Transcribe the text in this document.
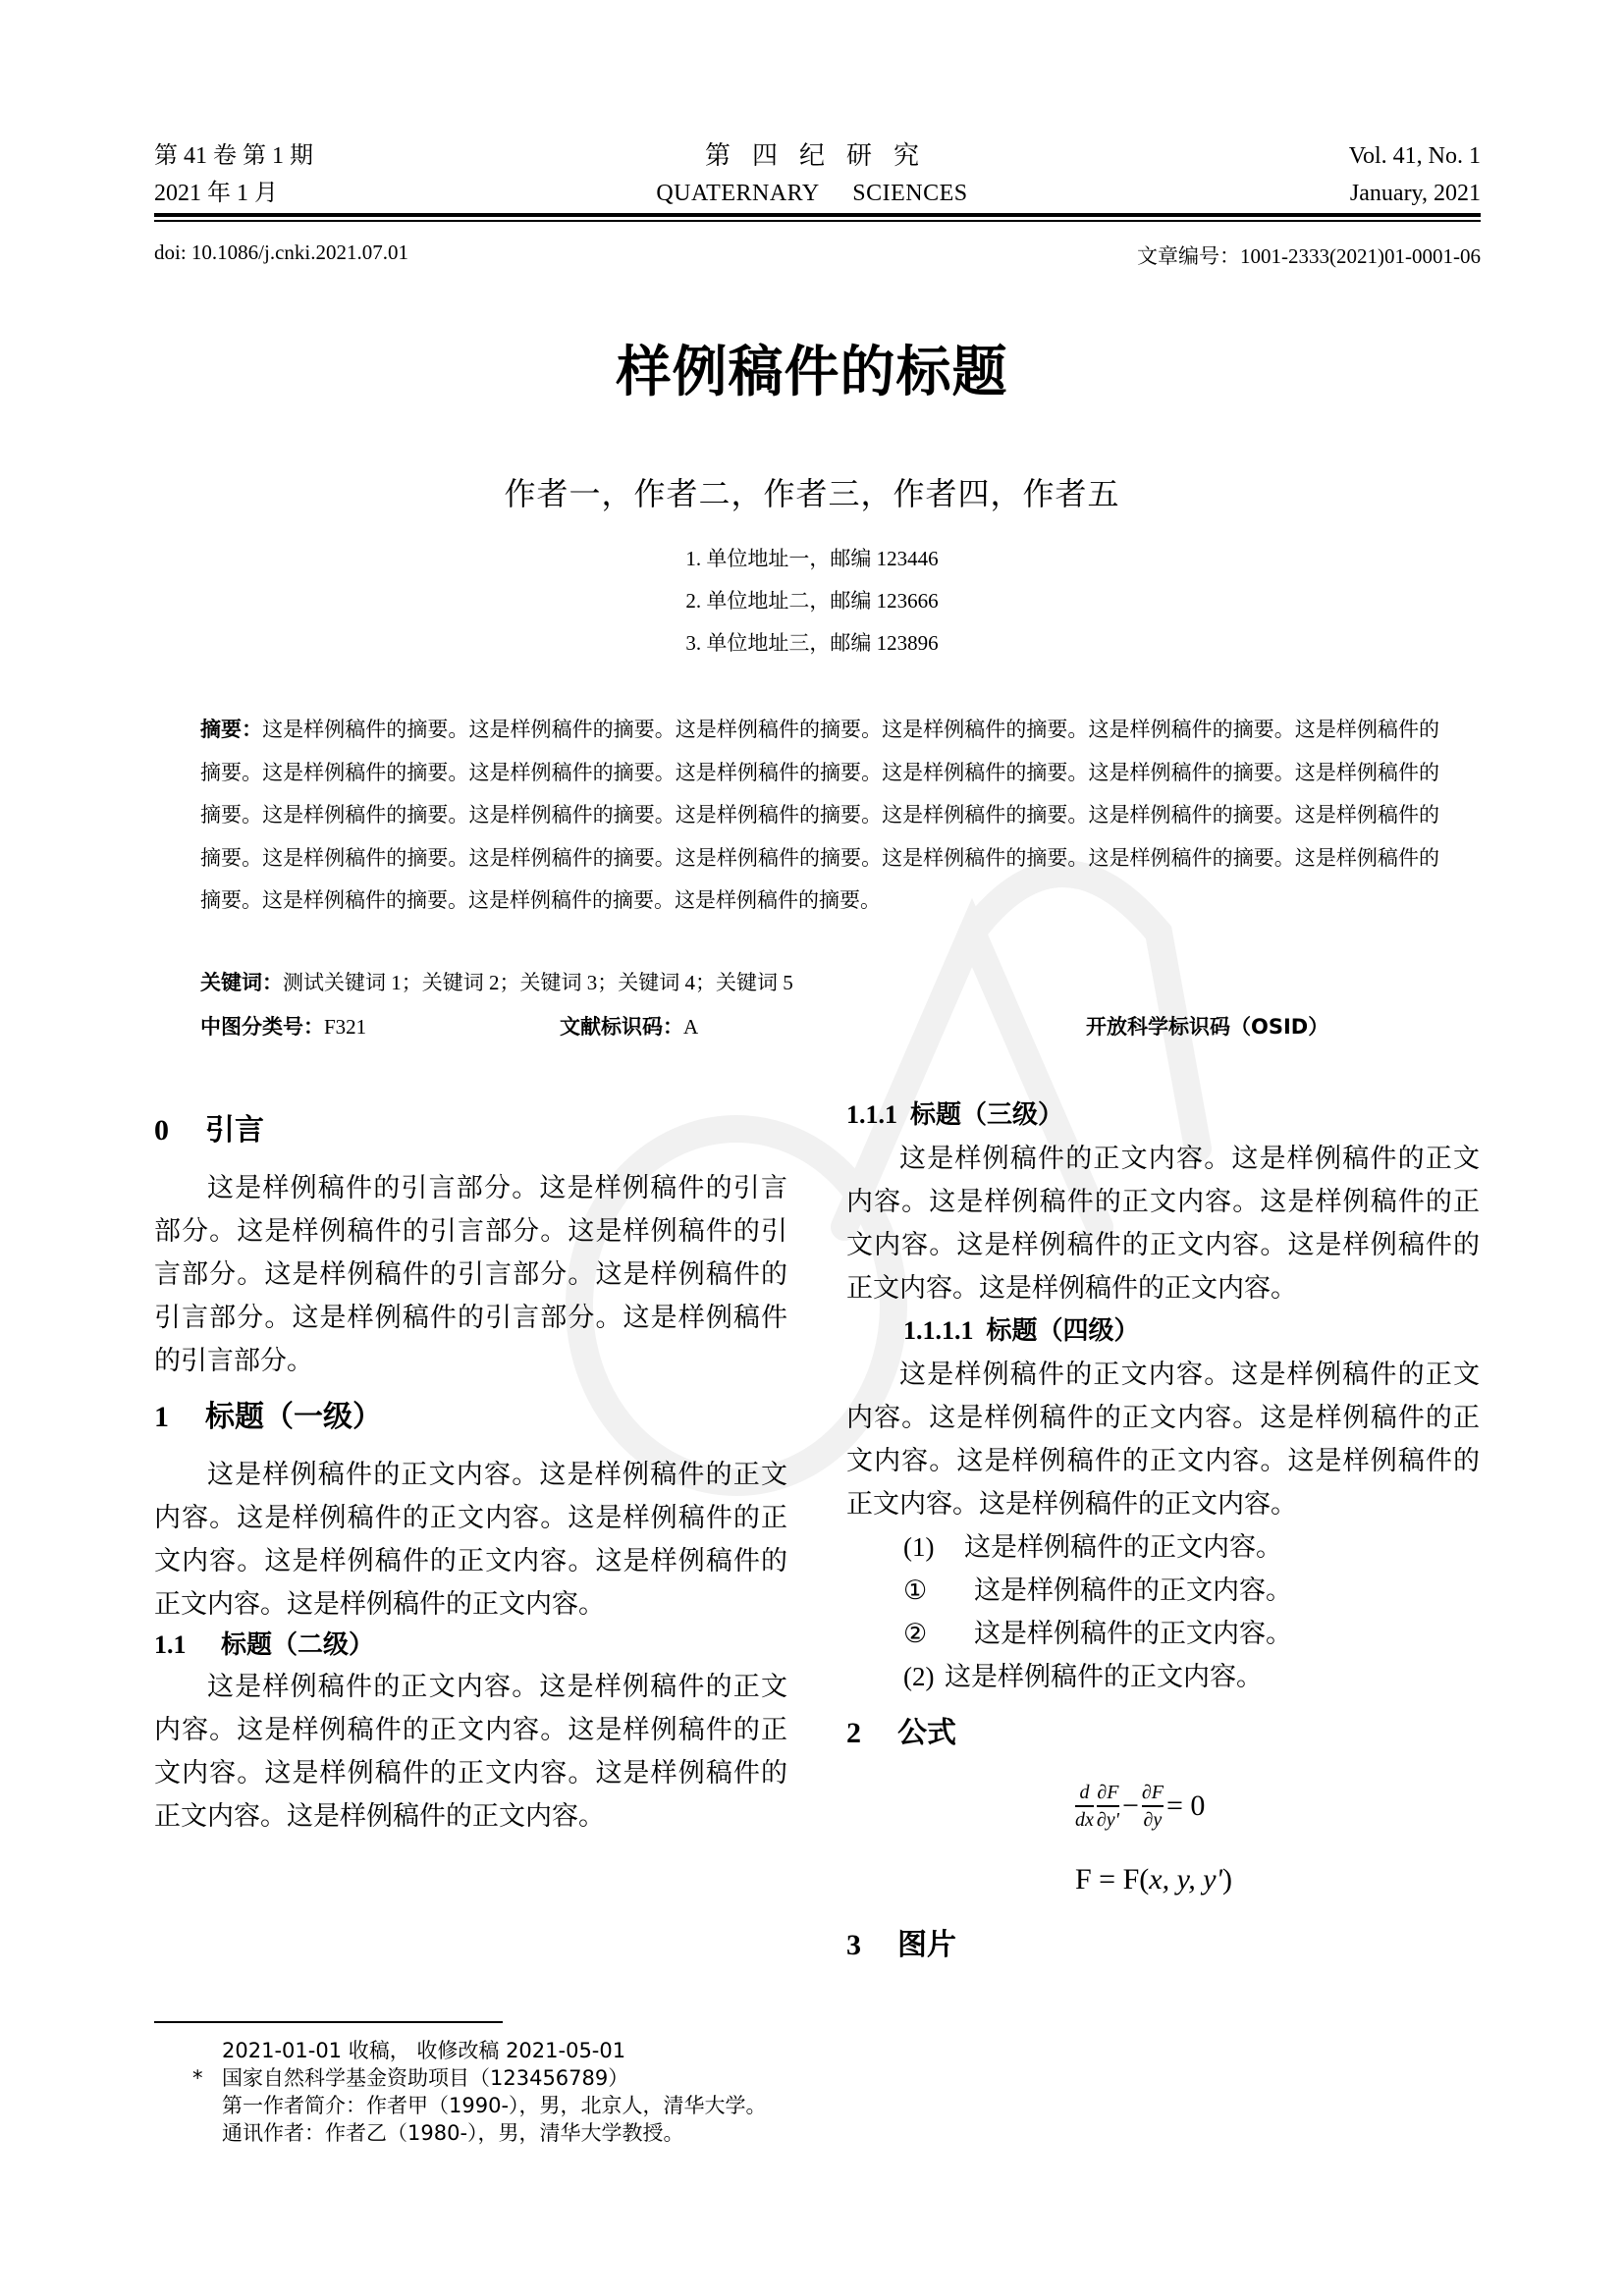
第 41 卷 第 1 期
2021 年 1 月
第四纪研究
QUATERNARY SCIENCES
Vol. 41, No. 1
January, 2021
doi: 10.1086/j.cnki.2021.07.01	文章编号：1001-2333(2021)01-0001-06
样例稿件的标题
作者一，作者二，作者三，作者四，作者五
1. 单位地址一，邮编 123446
2. 单位地址二，邮编 123666
3. 单位地址三，邮编 123896
摘要：这是样例稿件的摘要。这是样例稿件的摘要。这是样例稿件的摘要。这是样例稿件的摘要。这是样例稿件的摘要。这是样例稿件的摘要。这是样例稿件的摘要。这是样例稿件的摘要。这是样例稿件的摘要。这是样例稿件的摘要。这是样例稿件的摘要。这是样例稿件的摘要。这是样例稿件的摘要。这是样例稿件的摘要。这是样例稿件的摘要。这是样例稿件的摘要。这是样例稿件的摘要。这是样例稿件的摘要。这是样例稿件的摘要。这是样例稿件的摘要。这是样例稿件的摘要。这是样例稿件的摘要。这是样例稿件的摘要。这是样例稿件的摘要。这是样例稿件的摘要。这是样例稿件的摘要。这是样例稿件的摘要。
关键词：测试关键词 1；关键词 2；关键词 3；关键词 4；关键词 5
中图分类号：F321	文献标识码：A	开放科学标识码（OSID）
0 引言

这是样例稿件的引言部分。这是样例稿件的引言部分。这是样例稿件的引言部分。这是样例稿件的引言部分。这是样例稿件的引言部分。这是样例稿件的引言部分。这是样例稿件的引言部分。这是样例稿件的引言部分。

1 标题（一级）

这是样例稿件的正文内容。这是样例稿件的正文内容。这是样例稿件的正文内容。这是样例稿件的正文内容。这是样例稿件的正文内容。这是样例稿件的正文内容。这是样例稿件的正文内容。

1.1 标题（二级）

这是样例稿件的正文内容。这是样例稿件的正文内容。这是样例稿件的正文内容。这是样例稿件的正文内容。这是样例稿件的正文内容。这是样例稿件的正文内容。这是样例稿件的正文内容。

1.1.1  标题（三级）

这是样例稿件的正文内容。这是样例稿件的正文内容。这是样例稿件的正文内容。这是样例稿件的正文内容。这是样例稿件的正文内容。这是样例稿件的正文内容。这是样例稿件的正文内容。

1.1.1.1  标题（四级）

这是样例稿件的正文内容。这是样例稿件的正文内容。这是样例稿件的正文内容。这是样例稿件的正文内容。这是样例稿件的正文内容。这是样例稿件的正文内容。这是样例稿件的正文内容。

(1) 这是样例稿件的正文内容。
① 这是样例稿件的正文内容。
② 这是样例稿件的正文内容。
(2) 这是样例稿件的正文内容。
2 公式
$\frac{d}{dx} \frac{\partial F}{\partial y'} - \frac{\partial F}{\partial y} = 0$
F = F(x, y, y')
3 图片
2021-01-01 收稿， 收修改稿 2021-05-01
* 国家自然科学基金资助项目（123456789）
第一作者简介：作者甲（1990-），男，北京人，清华大学。
通讯作者：作者乙（1980-），男，清华大学教授。
